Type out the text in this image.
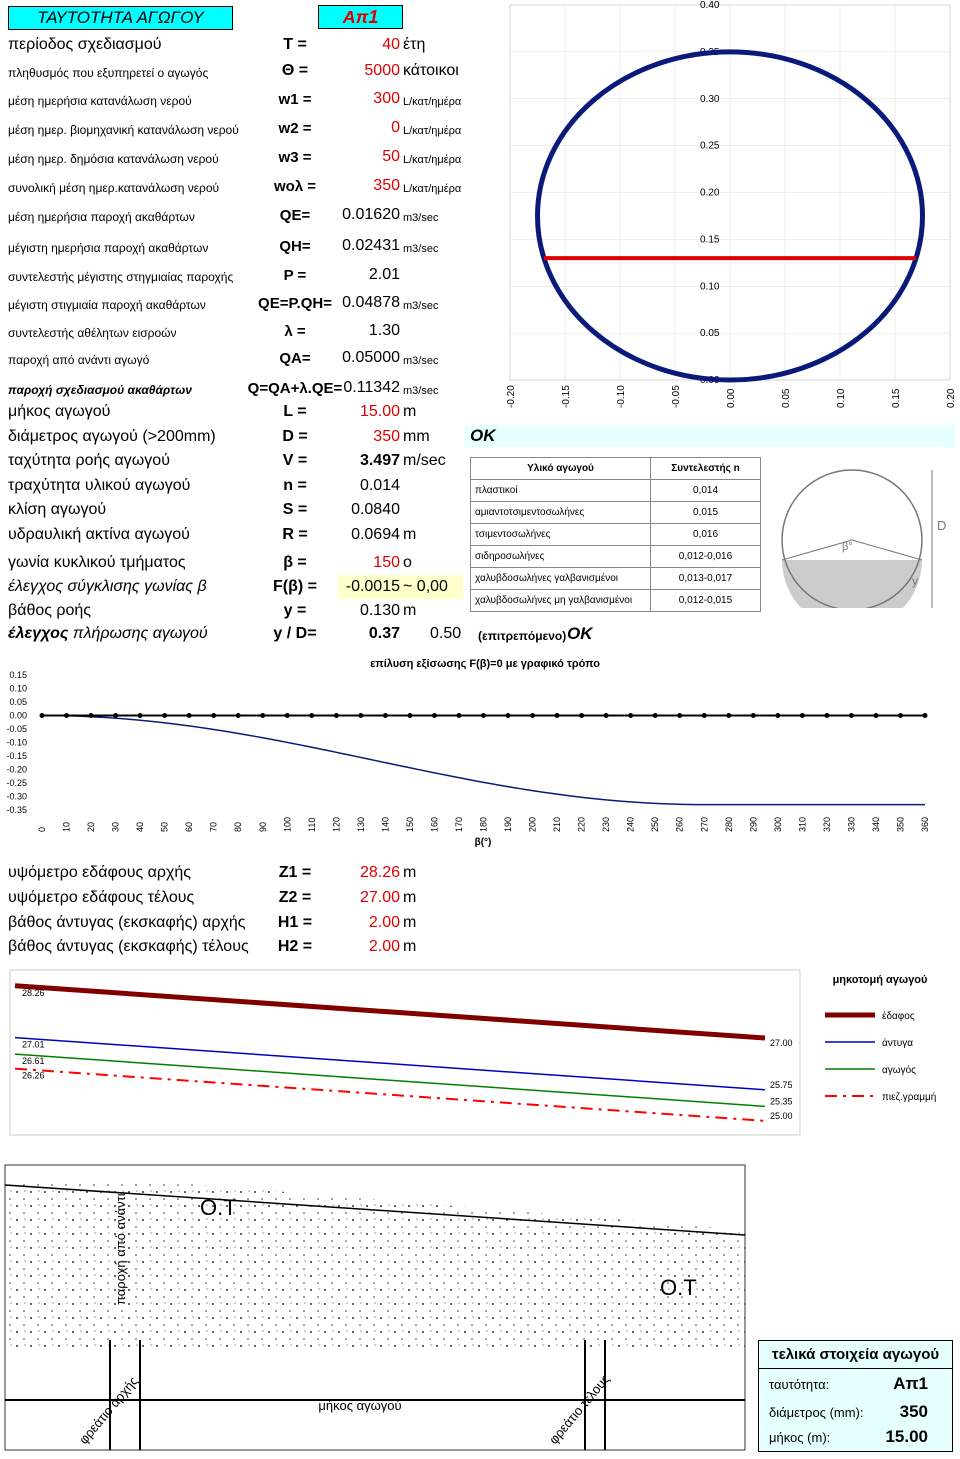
ΤΑΥΤΟΤΗΤΑ ΑΓΩΓΟΥ	Απ1
περίοδος σχεδιασμού	Τ =	40 έτη
πληθυσμός που εξυπηρετεί ο αγωγός	Θ =	5000 κάτοικοι
μέση ημερήσια κατανάλωση νερού	w1 =	300 L/κατ/ημέρα
μέση ημερ. βιομηχανική κατανάλωση νερού	w2 =	0 L/κατ/ημέρα
μέση ημερ. δημόσια κατανάλωση νερού	w3 =	50 L/κατ/ημέρα
συνολική μέση ημερ.κατανάλωση νερού	wολ =	350 L/κατ/ημέρα
μέση ημερήσια παροχή ακαθάρτων	QE=	0.01620 m3/sec
μέγιστη ημερήσια παροχή ακαθάρτων	QH=	0.02431 m3/sec
συντελεστής μέγιστης στηγμιαίας παροχής	P =	2.01
μέγιστη στιγμιαία παροχή ακαθάρτων	QE=P.QH= 0.04878 m3/sec
συντελεστής αθέλητων εισροών	λ =	1.30
παροχή από ανάντι αγωγό	QA=	0.05000 m3/sec
παροχή σχεδιασμού ακαθάρτων	Q=QA+λ.QE= 0.11342 m3/sec
OK
μήκος αγωγού	L =	15.00 m
διάμετρος αγωγού (>200mm)	D =	350 mm
ταχύτητα ροής αγωγού	V =	3.497 m/sec
τραχύτητα υλικού αγωγού	n =	0.014
κλίση αγωγού	S =	0.0840
υδραυλική ακτίνα αγωγού	R =	0.0694 m
γωνία κυκλικού τμήματος	β =	150 o
έλεγχος σύγκλισης γωνίας β	F(β) =	-0.0015 ~ 0,00
βάθος ροής	y =	0.130 m
έλεγχος πλήρωσης αγωγού	y / D=	0.37 0.50 (επιτρεπόμενο)
-0.20	-0.15	-0.10	-0.05	0.00	0.05	0.10	0.15	0.20
0.40
0.35
0.30
0.25
0.20
0.15
0.10
0.05
0.00
Υλικό αγωγού	Συντελεστής n
πλαστικοί	0,014
αμιαντοτσιμεντοσωλήνες	0,015
τσιμεντοσωλήνες	0,016
σιδηροσωλήνες	0,012-0,016
χαλυβδοσωλήνες γαλβανισμένοι	0,013-0,017
χαλυβδοσωλήνες μη γαλβανισμένοι	0,012-0,015
D
y
β°
OK
επίλυση εξίσωσης F(β)=0 με γραφικό τρόπο
0 10 20 30 40 50 60 70 80 90 100 110 120 130 140 150 160 170 180 190 200 210 220 230 240 250 260 270 280 290 300 310 320 330 340 350 360
0.15
0.10
0.05
0.00
-0.05
-0.10
-0.15
-0.20
-0.25
-0.30
-0.35
β(°)
υψόμετρο εδάφους αρχής	Z1 =	28.26 m
υψόμετρο εδάφους τέλους	Z2 =	27.00 m
βάθος άντυγας (εκσκαφής) αρχής	H1 =	2.00 m
βάθος άντυγας (εκσκαφής) τέλους	H2 =	2.00 m
28.26
27.01
26.61
26.26
27.00
25.75
25.35
25.00
μηκοτομή αγωγού
έδαφος
άντυγα
αγωγός
πιεζ.γραμμή
Ο.Τ
Ο.Τ
μήκος αγωγού
παροχή από ανάντι
φρεάτιο αρχής	φρεάτιο τέλους
τελικά στοιχεία αγωγού
ταυτότητα:	Απ1
διάμετρος (mm): 350
μήκος (m):	15.00
